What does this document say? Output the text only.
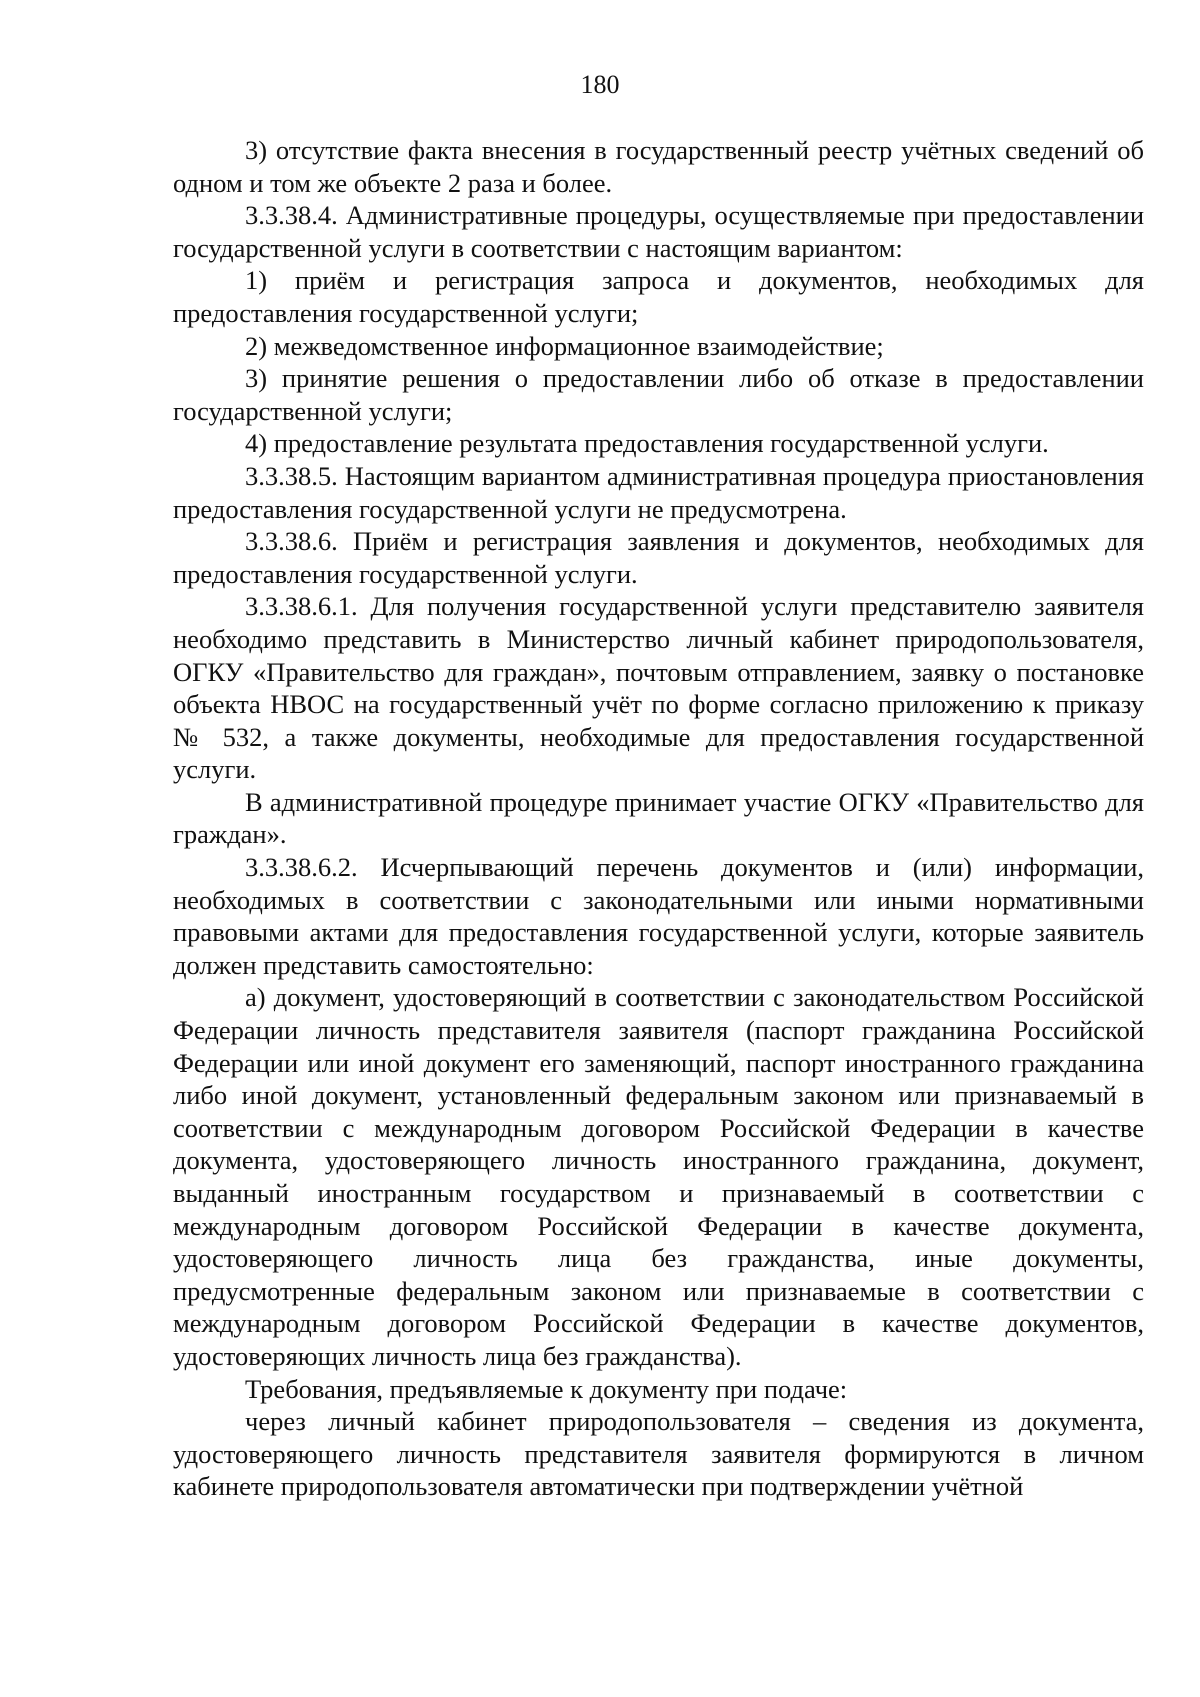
180

3) отсутствие факта внесения в государственный реестр учётных сведений об одном и том же объекте 2 раза и более.

3.3.38.4. Административные процедуры, осуществляемые при предоставлении государственной услуги в соответствии с настоящим вариантом:

1) приём и регистрация запроса и документов, необходимых для предоставления государственной услуги;

2) межведомственное информационное взаимодействие;

3) принятие решения о предоставлении либо об отказе в предоставлении государственной услуги;

4) предоставление результата предоставления государственной услуги.

3.3.38.5. Настоящим вариантом административная процедура приостановления предоставления государственной услуги не предусмотрена.

3.3.38.6. Приём и регистрация заявления и документов, необходимых для предоставления государственной услуги.

3.3.38.6.1. Для получения государственной услуги представителю заявителя необходимо представить в Министерство личный кабинет природопользователя, ОГКУ «Правительство для граждан», почтовым отправлением, заявку о постановке объекта НВОС на государственный учёт по форме согласно приложению к приказу № 532, а также документы, необходимые для предоставления государственной услуги.

В административной процедуре принимает участие ОГКУ «Правительство для граждан».

3.3.38.6.2. Исчерпывающий перечень документов и (или) информации, необходимых в соответствии с законодательными или иными нормативными правовыми актами для предоставления государственной услуги, которые заявитель должен представить самостоятельно:

а) документ, удостоверяющий в соответствии с законодательством Российской Федерации личность представителя заявителя (паспорт гражданина Российской Федерации или иной документ его заменяющий, паспорт иностранного гражданина либо иной документ, установленный федеральным законом или признаваемый в соответствии с международным договором Российской Федерации в качестве документа, удостоверяющего личность иностранного гражданина, документ, выданный иностранным государством и признаваемый в соответствии с международным договором Российской Федерации в качестве документа, удостоверяющего личность лица без гражданства, иные документы, предусмотренные федеральным законом или признаваемые в соответствии с международным договором Российской Федерации в качестве документов, удостоверяющих личность лица без гражданства).

Требования, предъявляемые к документу при подаче:

через личный кабинет природопользователя – сведения из документа, удостоверяющего личность представителя заявителя формируются в личном кабинете природопользователя автоматически при подтверждении учётной
